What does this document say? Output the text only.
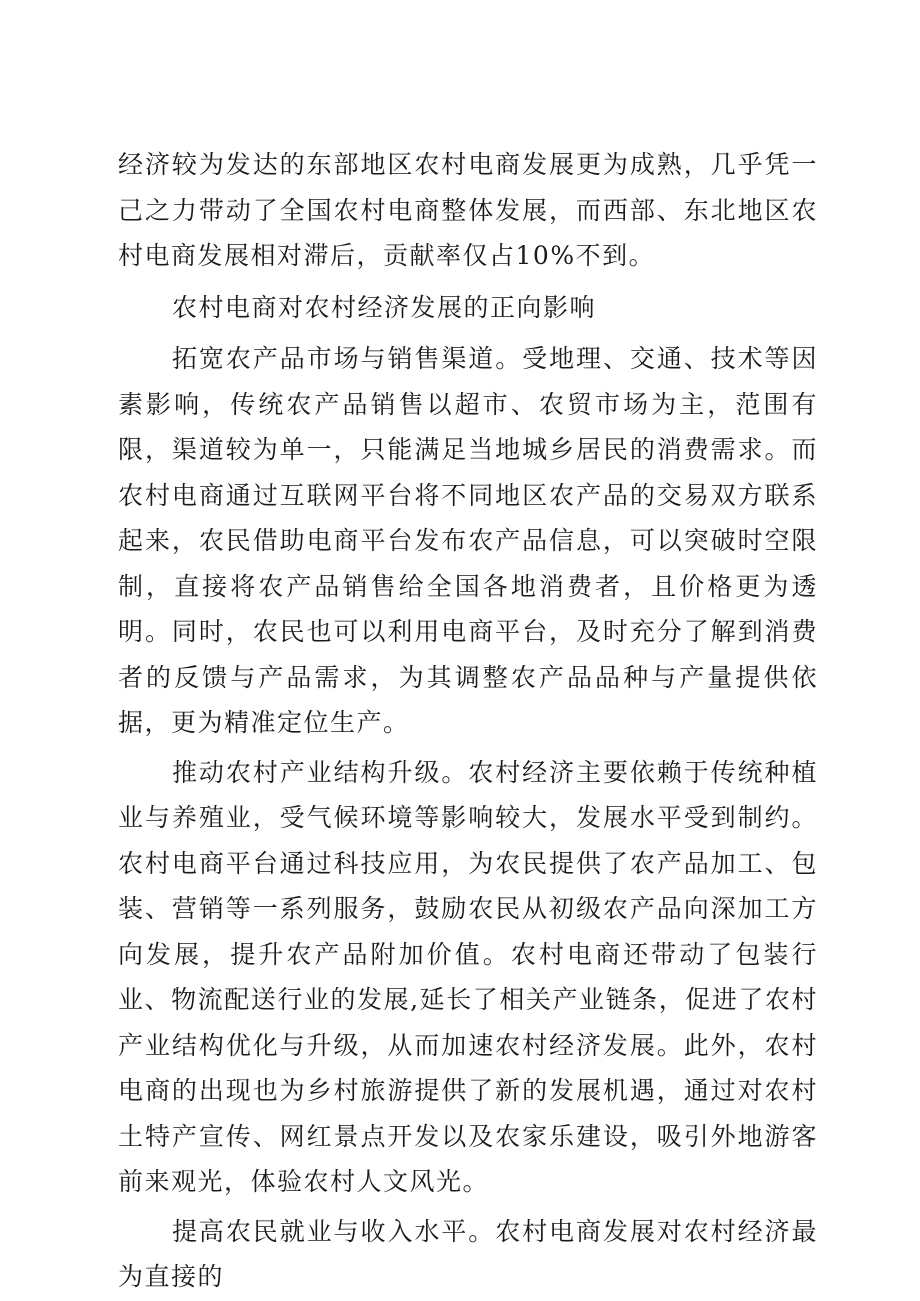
经济较为发达的东部地区农村电商发展更为成熟，几乎凭一己之力带动了全国农村电商整体发展，而西部、东北地区农村电商发展相对滞后，贡献率仅占10%不到。

农村电商对农村经济发展的正向影响

拓宽农产品市场与销售渠道。受地理、交通、技术等因素影响，传统农产品销售以超市、农贸市场为主，范围有限，渠道较为单一，只能满足当地城乡居民的消费需求。而农村电商通过互联网平台将不同地区农产品的交易双方联系起来，农民借助电商平台发布农产品信息，可以突破时空限制，直接将农产品销售给全国各地消费者，且价格更为透明。同时，农民也可以利用电商平台，及时充分了解到消费者的反馈与产品需求，为其调整农产品品种与产量提供依据，更为精准定位生产。

推动农村产业结构升级。农村经济主要依赖于传统种植业与养殖业，受气候环境等影响较大，发展水平受到制约。农村电商平台通过科技应用，为农民提供了农产品加工、包装、营销等一系列服务，鼓励农民从初级农产品向深加工方向发展，提升农产品附加价值。农村电商还带动了包装行业、物流配送行业的发展,延长了相关产业链条，促进了农村产业结构优化与升级，从而加速农村经济发展。此外，农村电商的出现也为乡村旅游提供了新的发展机遇，通过对农村土特产宣传、网红景点开发以及农家乐建设，吸引外地游客前来观光，体验农村人文风光。

提高农民就业与收入水平。农村电商发展对农村经济最为直接的
